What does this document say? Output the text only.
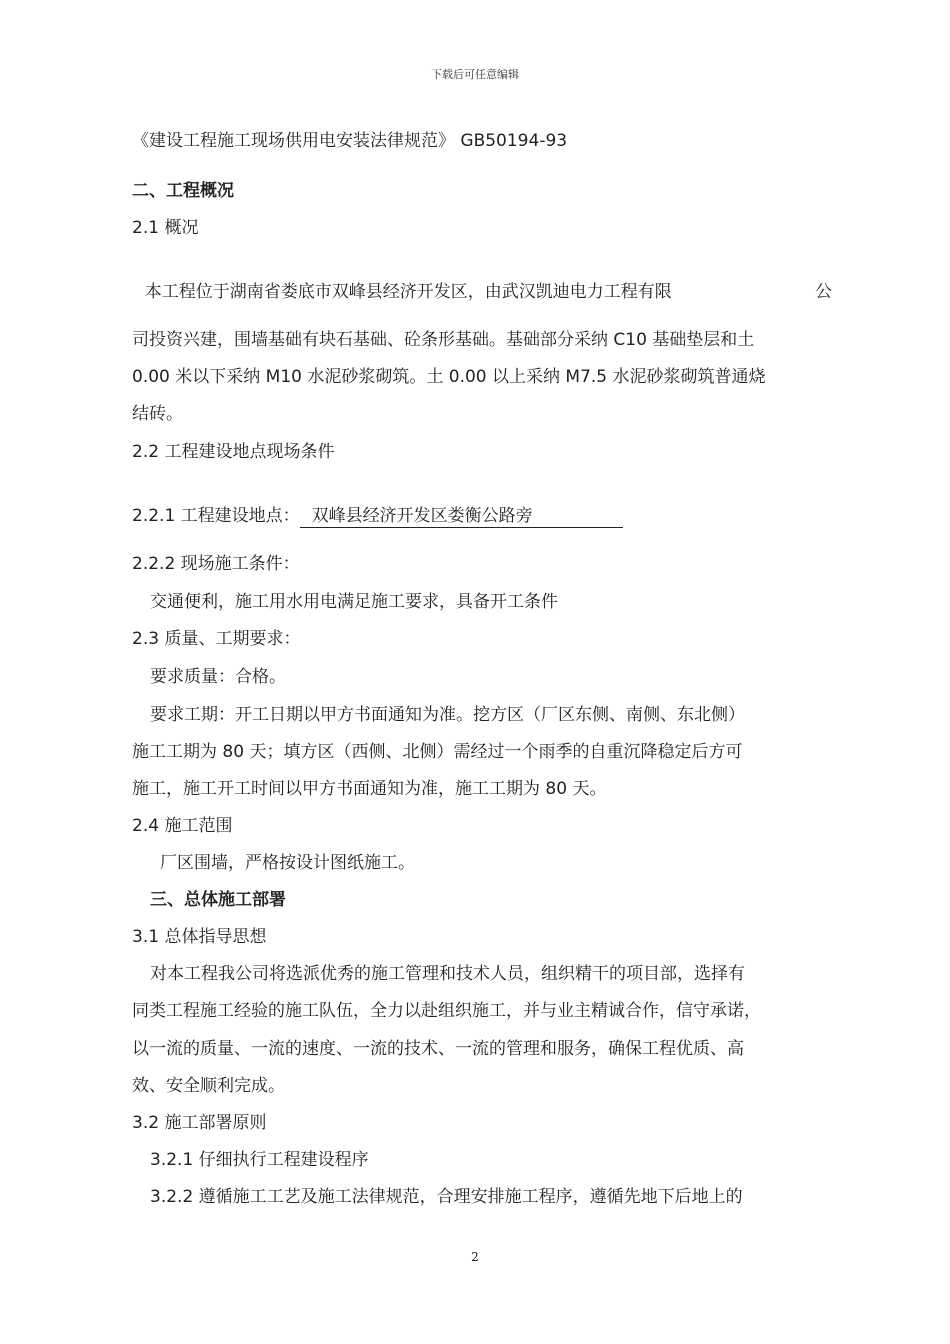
下载后可任意编辑
《建设工程施工现场供用电安装法律规范》 GB50194-93
二、工程概况
2.1 概况
本工程位于湖南省娄底市双峰县经济开发区，由武汉凯迪电力工程有限	公
司投资兴建，围墙基础有块石基础、砼条形基础。基础部分采纳 C10 基础垫层和土
0.00 米以下采纳 M10 水泥砂浆砌筑。土 0.00 以上采纳 M7.5 水泥砂浆砌筑普通烧
结砖。
2.2 工程建设地点现场条件
2.2.1 工程建设地点： 双峰县经济开发区娄衡公路旁
2.2.2 现场施工条件：
交通便利，施工用水用电满足施工要求，具备开工条件
2.3 质量、工期要求：
要求质量：合格。
要求工期：开工日期以甲方书面通知为准。挖方区（厂区东侧、南侧、东北侧）
施工工期为 80 天；填方区（西侧、北侧）需经过一个雨季的自重沉降稳定后方可
施工，施工开工时间以甲方书面通知为准，施工工期为 80 天。
2.4 施工范围
厂区围墙，严格按设计图纸施工。
三、总体施工部署
3.1 总体指导思想
对本工程我公司将选派优秀的施工管理和技术人员，组织精干的项目部，选择有
同类工程施工经验的施工队伍，全力以赴组织施工，并与业主精诚合作，信守承诺，
以一流的质量、一流的速度、一流的技术、一流的管理和服务，确保工程优质、高
效、安全顺利完成。
3.2 施工部署原则
3.2.1 仔细执行工程建设程序
3.2.2 遵循施工工艺及施工法律规范，合理安排施工程序，遵循先地下后地上的
2
